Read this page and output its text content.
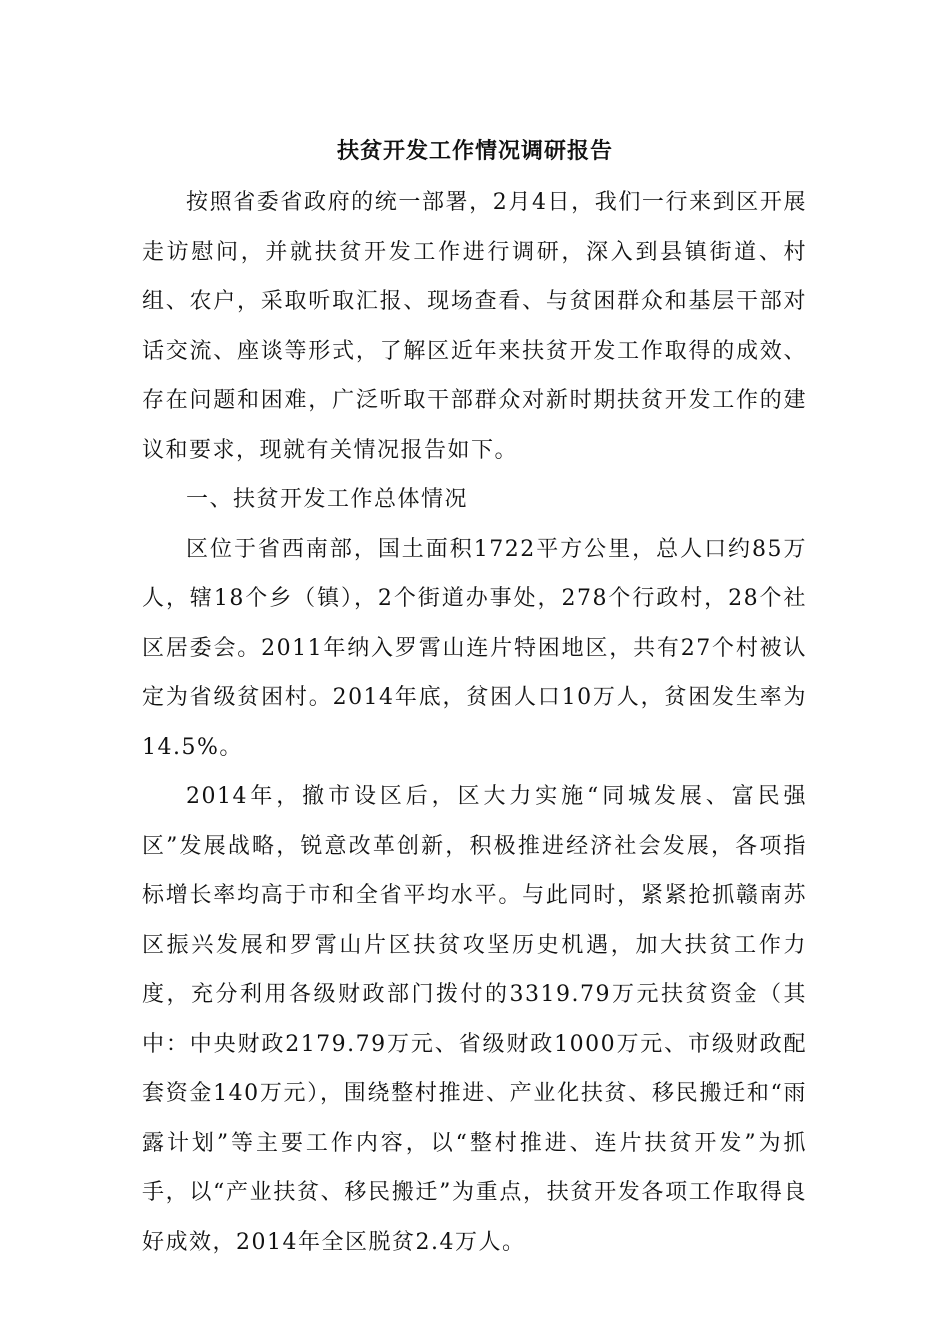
扶贫开发工作情况调研报告

按照省委省政府的统一部署，2月4日，我们一行来到区开展走访慰问，并就扶贫开发工作进行调研，深入到县镇街道、村组、农户，采取听取汇报、现场查看、与贫困群众和基层干部对话交流、座谈等形式，了解区近年来扶贫开发工作取得的成效、存在问题和困难，广泛听取干部群众对新时期扶贫开发工作的建议和要求，现就有关情况报告如下。

一、扶贫开发工作总体情况

区位于省西南部，国土面积1722平方公里，总人口约85万人，辖18个乡（镇），2个街道办事处，278个行政村，28个社区居委会。2011年纳入罗霄山连片特困地区，共有27个村被认定为省级贫困村。2014年底，贫困人口10万人，贫困发生率为14.5%。

2014年，撤市设区后，区大力实施“同城发展、富民强区”发展战略，锐意改革创新，积极推进经济社会发展，各项指标增长率均高于市和全省平均水平。与此同时，紧紧抢抓赣南苏区振兴发展和罗霄山片区扶贫攻坚历史机遇，加大扶贫工作力度，充分利用各级财政部门拨付的3319.79万元扶贫资金（其中：中央财政2179.79万元、省级财政1000万元、市级财政配套资金140万元），围绕整村推进、产业化扶贫、移民搬迁和“雨露计划”等主要工作内容，以“整村推进、连片扶贫开发”为抓手，以“产业扶贫、移民搬迁”为重点，扶贫开发各项工作取得良好成效，2014年全区脱贫2.4万人。
